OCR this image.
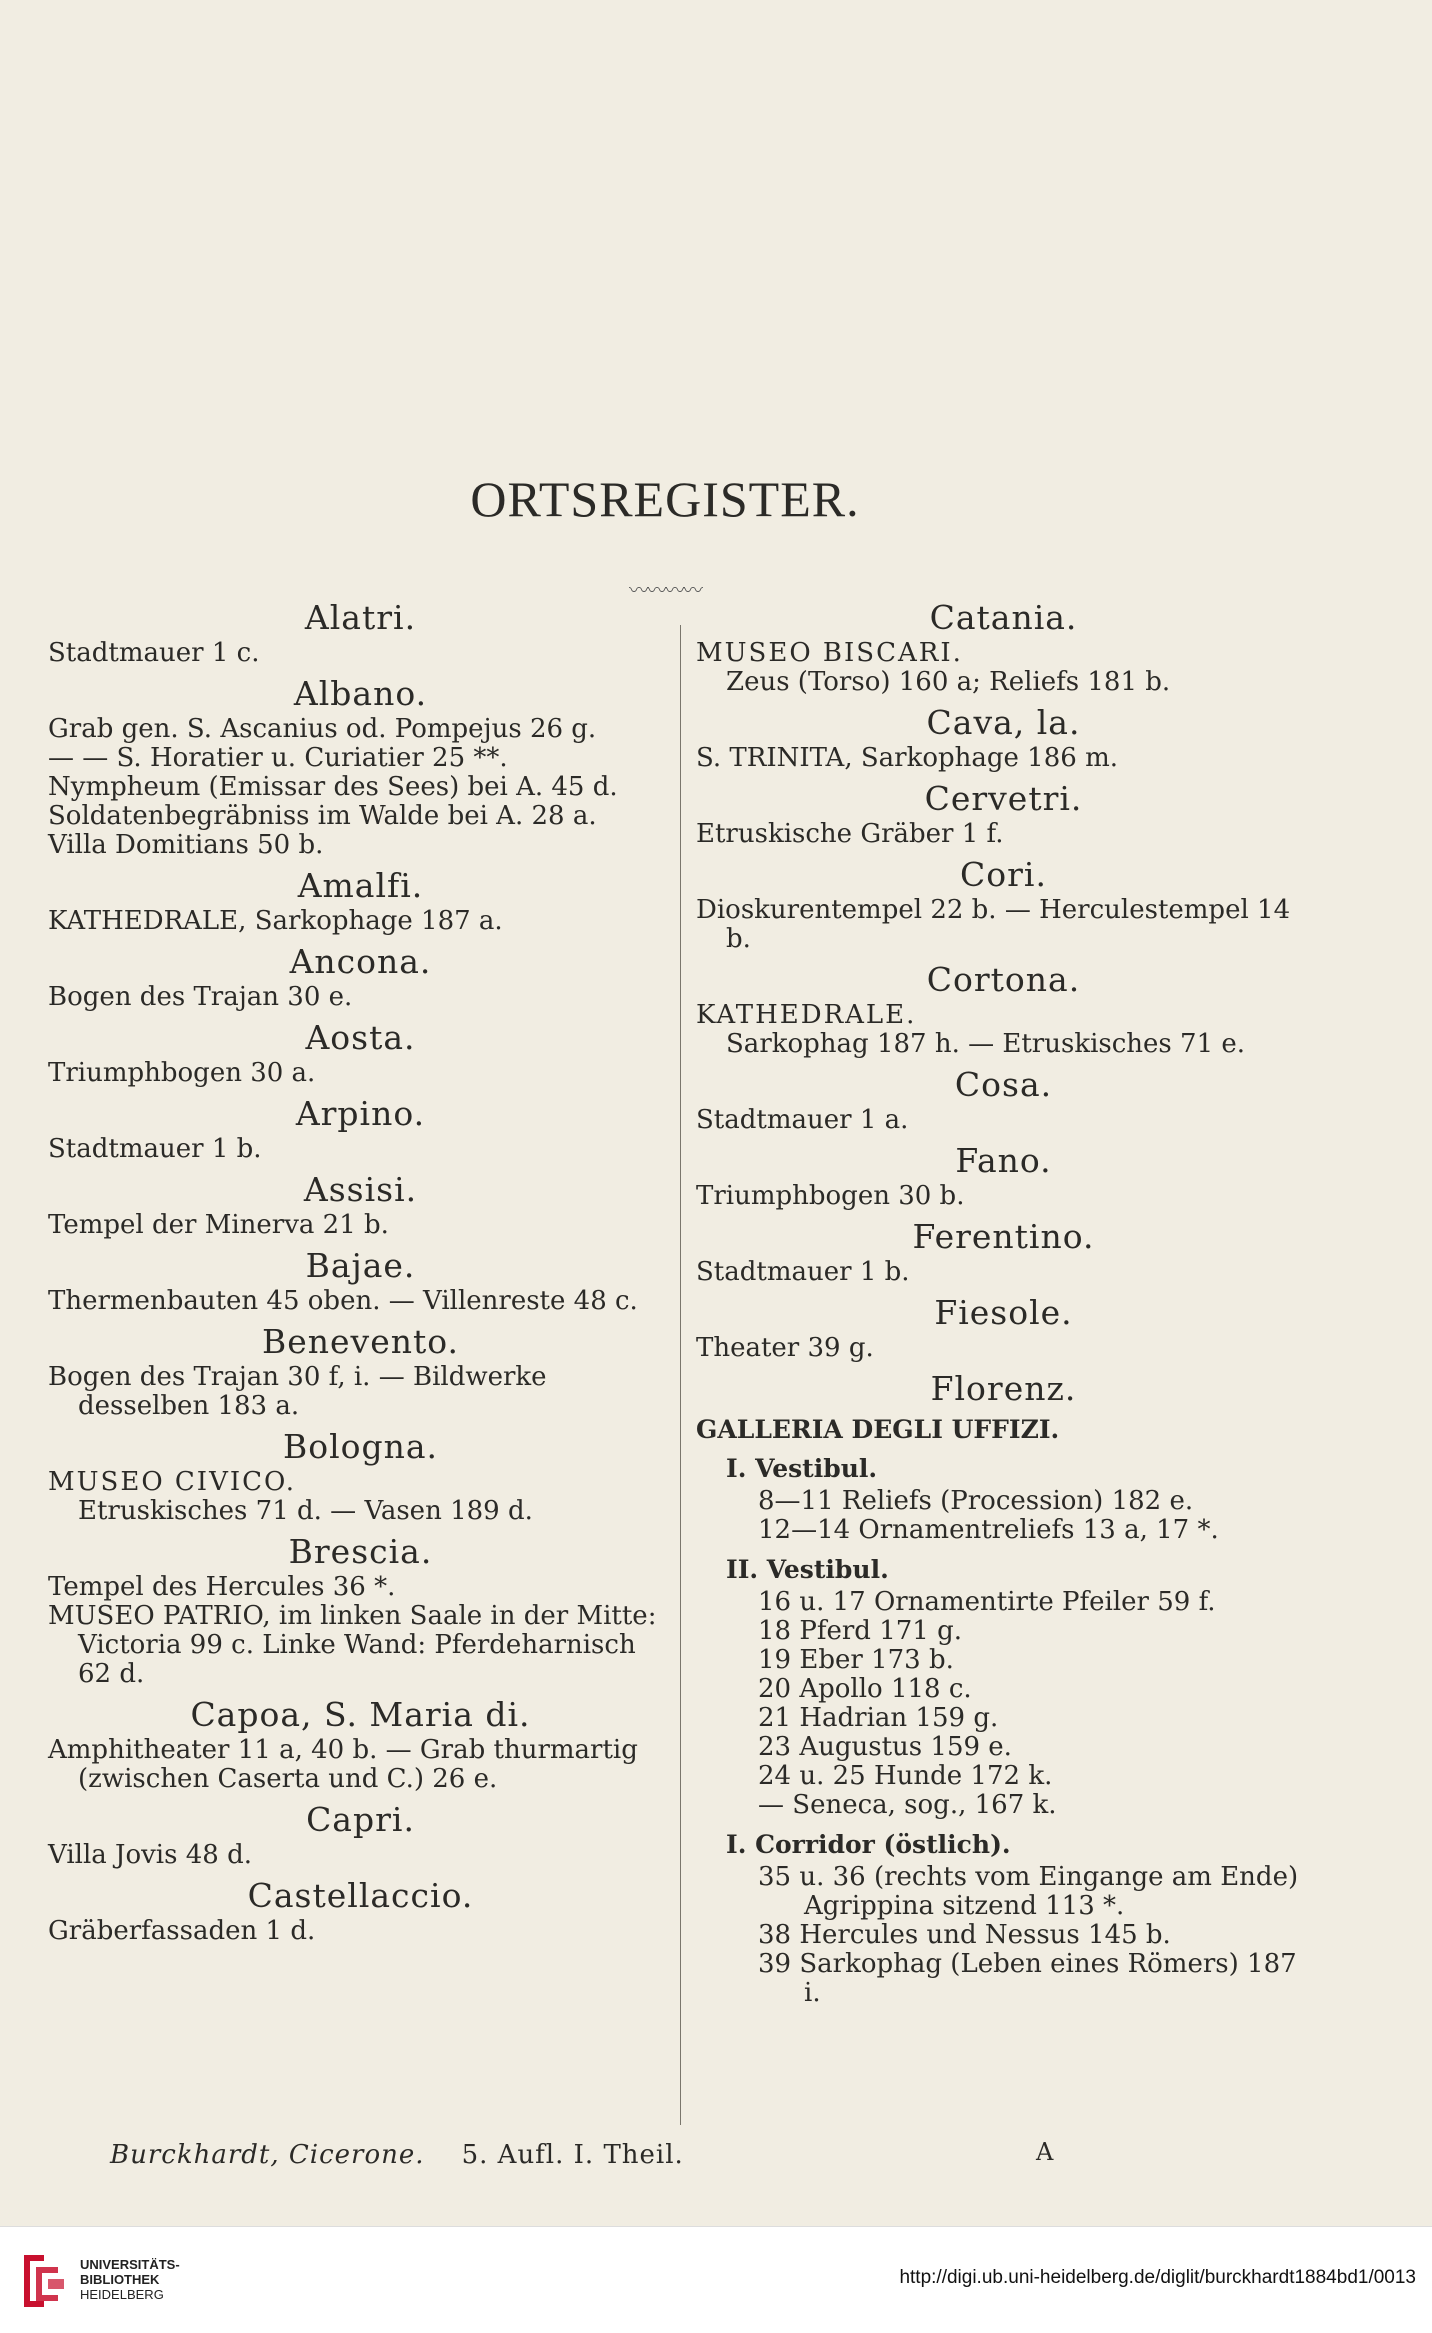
ORTSREGISTER.
〰〰〰〰
Alatri.
Stadtmauer 1 c.
Albano.
Grab gen. S. Ascanius od. Pompejus 26 g.
— — S. Horatier u. Curiatier 25 **.
Nympheum (Emissar des Sees) bei A. 45 d.
Soldatenbegräbniss im Walde bei A. 28 a.
Villa Domitians 50 b.
Amalfi.
KATHEDRALE, Sarkophage 187 a.
Ancona.
Bogen des Trajan 30 e.
Aosta.
Triumphbogen 30 a.
Arpino.
Stadtmauer 1 b.
Assisi.
Tempel der Minerva 21 b.
Bajae.
Thermenbauten 45 oben. — Villenreste 48 c.
Benevento.
Bogen des Trajan 30 f, i. — Bildwerke desselben 183 a.
Bologna.
MUSEO CIVICO.
Etruskisches 71 d. — Vasen 189 d.
Brescia.
Tempel des Hercules 36 *.
MUSEO PATRIO, im linken Saale in der Mitte: Victoria 99 c. Linke Wand: Pferdeharnisch 62 d.
Capoa, S. Maria di.
Amphitheater 11 a, 40 b. — Grab thurmartig (zwischen Caserta und C.) 26 e.
Capri.
Villa Jovis 48 d.
Castellaccio.
Gräberfassaden 1 d.
Catania.
MUSEO BISCARI.
Zeus (Torso) 160 a; Reliefs 181 b.
Cava, la.
S. TRINITA, Sarkophage 186 m.
Cervetri.
Etruskische Gräber 1 f.
Cori.
Dioskurentempel 22 b. — Herculestempel 14 b.
Cortona.
KATHEDRALE.
Sarkophag 187 h. — Etruskisches 71 e.
Cosa.
Stadtmauer 1 a.
Fano.
Triumphbogen 30 b.
Ferentino.
Stadtmauer 1 b.
Fiesole.
Theater 39 g.
Florenz.
GALLERIA DEGLI UFFIZI.
I. Vestibul.
8—11 Reliefs (Procession) 182 e.
12—14 Ornamentreliefs 13 a, 17 *.
II. Vestibul.
16 u. 17 Ornamentirte Pfeiler 59 f.
18 Pferd 171 g.
19 Eber 173 b.
20 Apollo 118 c.
21 Hadrian 159 g.
23 Augustus 159 e.
24 u. 25 Hunde 172 k.
— Seneca, sog., 167 k.
I. Corridor (östlich).
35 u. 36 (rechts vom Eingange am Ende) Agrippina sitzend 113 *.
38 Hercules und Nessus 145 b.
39 Sarkophag (Leben eines Römers) 187 i.
Burckhardt, Cicerone. 5. Aufl. I. Theil.	A
UNIVERSITÄTS-
BIBLIOTHEK
HEIDELBERG
http://digi.ub.uni-heidelberg.de/diglit/burckhardt1884bd1/0013
